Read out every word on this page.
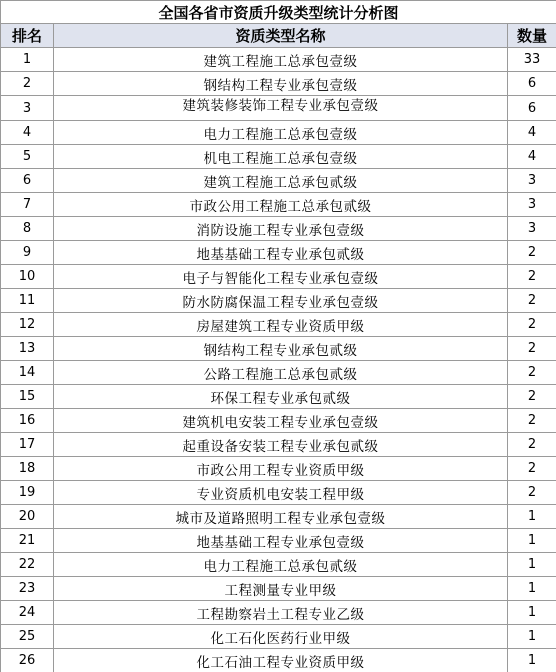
全国各省市资质升级类型统计分析图		
排名	资质类型名称	数量
1	建筑工程施工总承包壹级	33
2	钢结构工程专业承包壹级	6
3	建筑装修装饰工程专业承包壹级	6
4	电力工程施工总承包壹级	4
5	机电工程施工总承包壹级	4
6	建筑工程施工总承包贰级	3
7	市政公用工程施工总承包贰级	3
8	消防设施工程专业承包壹级	3
9	地基基础工程专业承包贰级	2
10	电子与智能化工程专业承包壹级	2
11	防水防腐保温工程专业承包壹级	2
12	房屋建筑工程专业资质甲级	2
13	钢结构工程专业承包贰级	2
14	公路工程施工总承包贰级	2
15	环保工程专业承包贰级	2
16	建筑机电安装工程专业承包壹级	2
17	起重设备安装工程专业承包贰级	2
18	市政公用工程专业资质甲级	2
19	专业资质机电安装工程甲级	2
20	城市及道路照明工程专业承包壹级	1
21	地基基础工程专业承包壹级	1
22	电力工程施工总承包贰级	1
23	工程测量专业甲级	1
24	工程勘察岩土工程专业乙级	1
25	化工石化医药行业甲级	1
26	化工石油工程专业资质甲级	1
